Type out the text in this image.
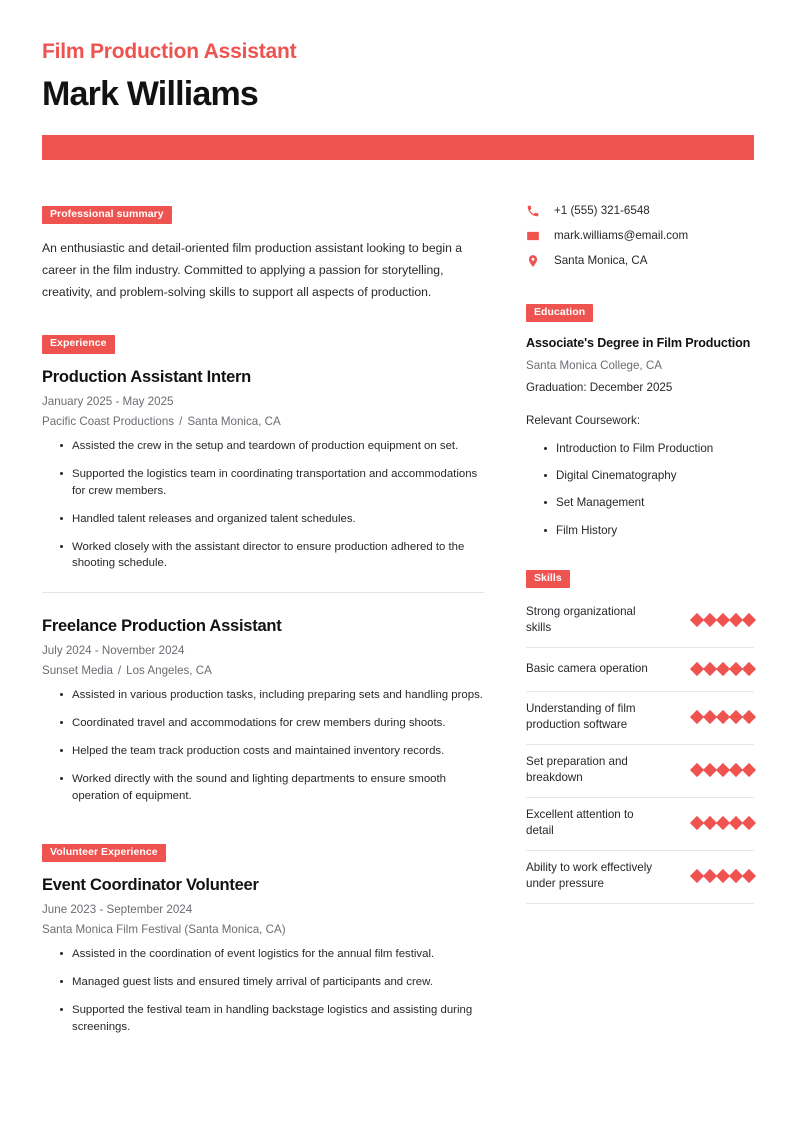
Film Production Assistant
Mark Williams
Professional summary

An enthusiastic and detail-oriented film production assistant looking to begin a career in the film industry. Committed to applying a passion for storytelling, creativity, and problem-solving skills to support all aspects of production.

Experience
Production Assistant Intern
January 2025 - May 2025
Pacific Coast Productions / Santa Monica, CA
Assisted the crew in the setup and teardown of production equipment on set.
Supported the logistics team in coordinating transportation and accommodations for crew members.
Handled talent releases and organized talent schedules.
Worked closely with the assistant director to ensure production adhered to the shooting schedule.
Freelance Production Assistant
July 2024 - November 2024
Sunset Media / Los Angeles, CA
Assisted in various production tasks, including preparing sets and handling props.
Coordinated travel and accommodations for crew members during shoots.
Helped the team track production costs and maintained inventory records.
Worked directly with the sound and lighting departments to ensure smooth operation of equipment.
Volunteer Experience
Event Coordinator Volunteer
June 2023 - September 2024
Santa Monica Film Festival (Santa Monica, CA)
Assisted in the coordination of event logistics for the annual film festival.
Managed guest lists and ensured timely arrival of participants and crew.
Supported the festival team in handling backstage logistics and assisting during screenings.
+1 (555) 321-6548
mark.williams@email.com
Santa Monica, CA
Education
Associate's Degree in Film Production
Santa Monica College, CA
Graduation: December 2025
Relevant Coursework:
Introduction to Film Production
Digital Cinematography
Set Management
Film History
Skills
Strong organizational skills
Basic camera operation
Understanding of film production software
Set preparation and breakdown
Excellent attention to detail
Ability to work effectively under pressure
